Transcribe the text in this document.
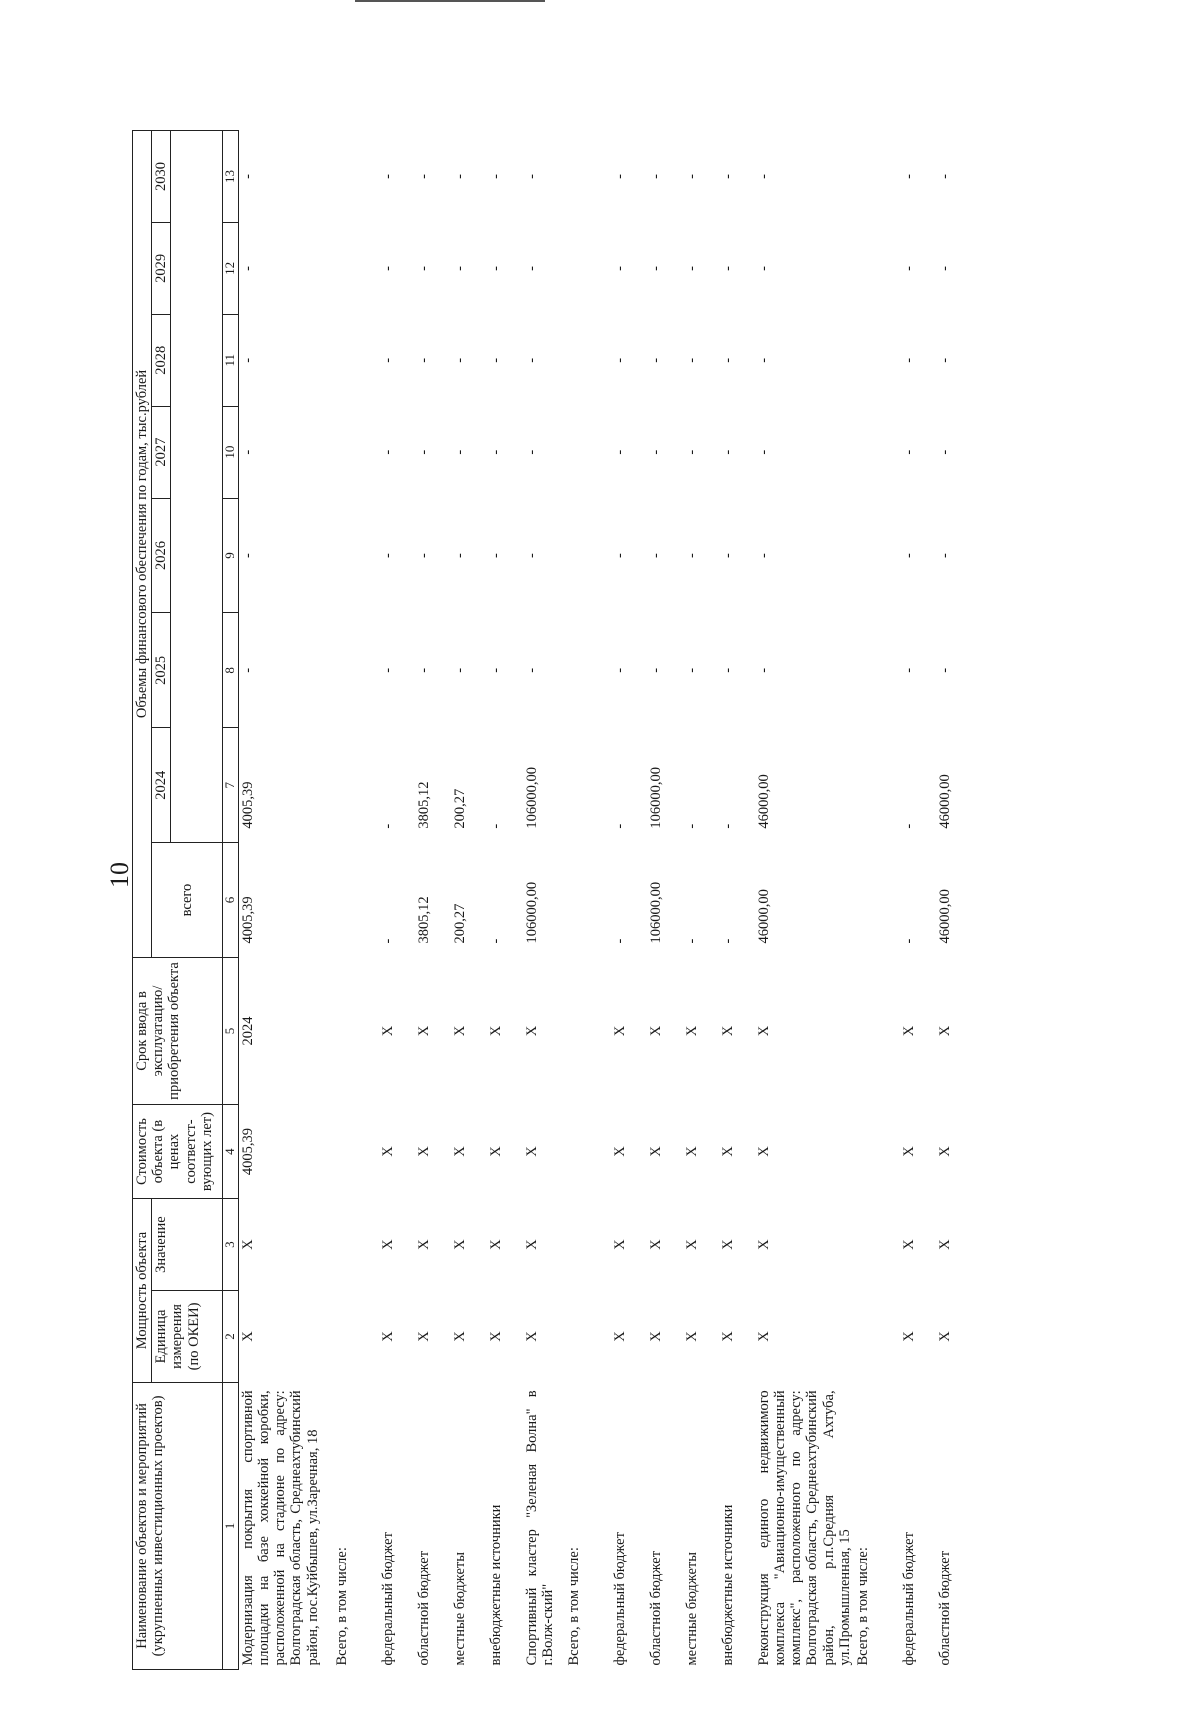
10
Наименование объектов и мероприятий (укрупненных инвестиционных проектов)	Мощность объекта		Стоимость объекта (в ценах соответст-вующих лет)	Срок ввода в эксплуатацию/ приобретения объекта	Объемы финансового обеспечения по годам, тыс.рублей							
	Единица измерения (по ОКЕИ)	Значение			всего	2024	2025	2026	2027	2028	2029	2030

1	2	3	4	5	6	7	8	9	10	11	12	13
Модернизация покрытия спортивной площадки на базе хоккейной коробки, расположенной на стадионе по адресу: Волгоградская область, Среднеахтубинский район, пос.Куйбышев, ул.Заречная, 18	X	X	4005,39	2024	4005,39	4005,39	-	-	-	-	-	-
Всего, в том числе:												
федеральный бюджет	X	X	X	X	-	-	-	-	-	-	-	-
областной бюджет	X	X	X	X	3805,12	3805,12	-	-	-	-	-	-
местные бюджеты	X	X	X	X	200,27	200,27	-	-	-	-	-	-
внебюджетные источники	X	X	X	X	-	-	-	-	-	-	-	-
Спортивный кластер "Зеленая Волна" в г.Волж-ский"	X	X	X	X	106000,00	106000,00	-	-	-	-	-	-
Всего, в том числе:												
федеральный бюджет	X	X	X	X	-	-	-	-	-	-	-	-
областной бюджет	X	X	X	X	106000,00	106000,00	-	-	-	-	-	-
местные бюджеты	X	X	X	X	-	-	-	-	-	-	-	-
внебюджетные источники	X	X	X	X	-	-	-	-	-	-	-	-
Реконструкция единого недвижимого комплекса "Авиационно-имущественный комплекс", расположенного по адресу: Волгоградская область, Среднеахтубинский район, р.п.Средняя Ахтуба, ул.Промышленная, 15	X	X	X	X	46000,00	46000,00	-	-	-	-	-	-
Всего, в том числе:												
федеральный бюджет	X	X	X	X	-	-	-	-	-	-	-	-
областной бюджет	X	X	X	X	46000,00	46000,00	-	-	-	-	-	-
